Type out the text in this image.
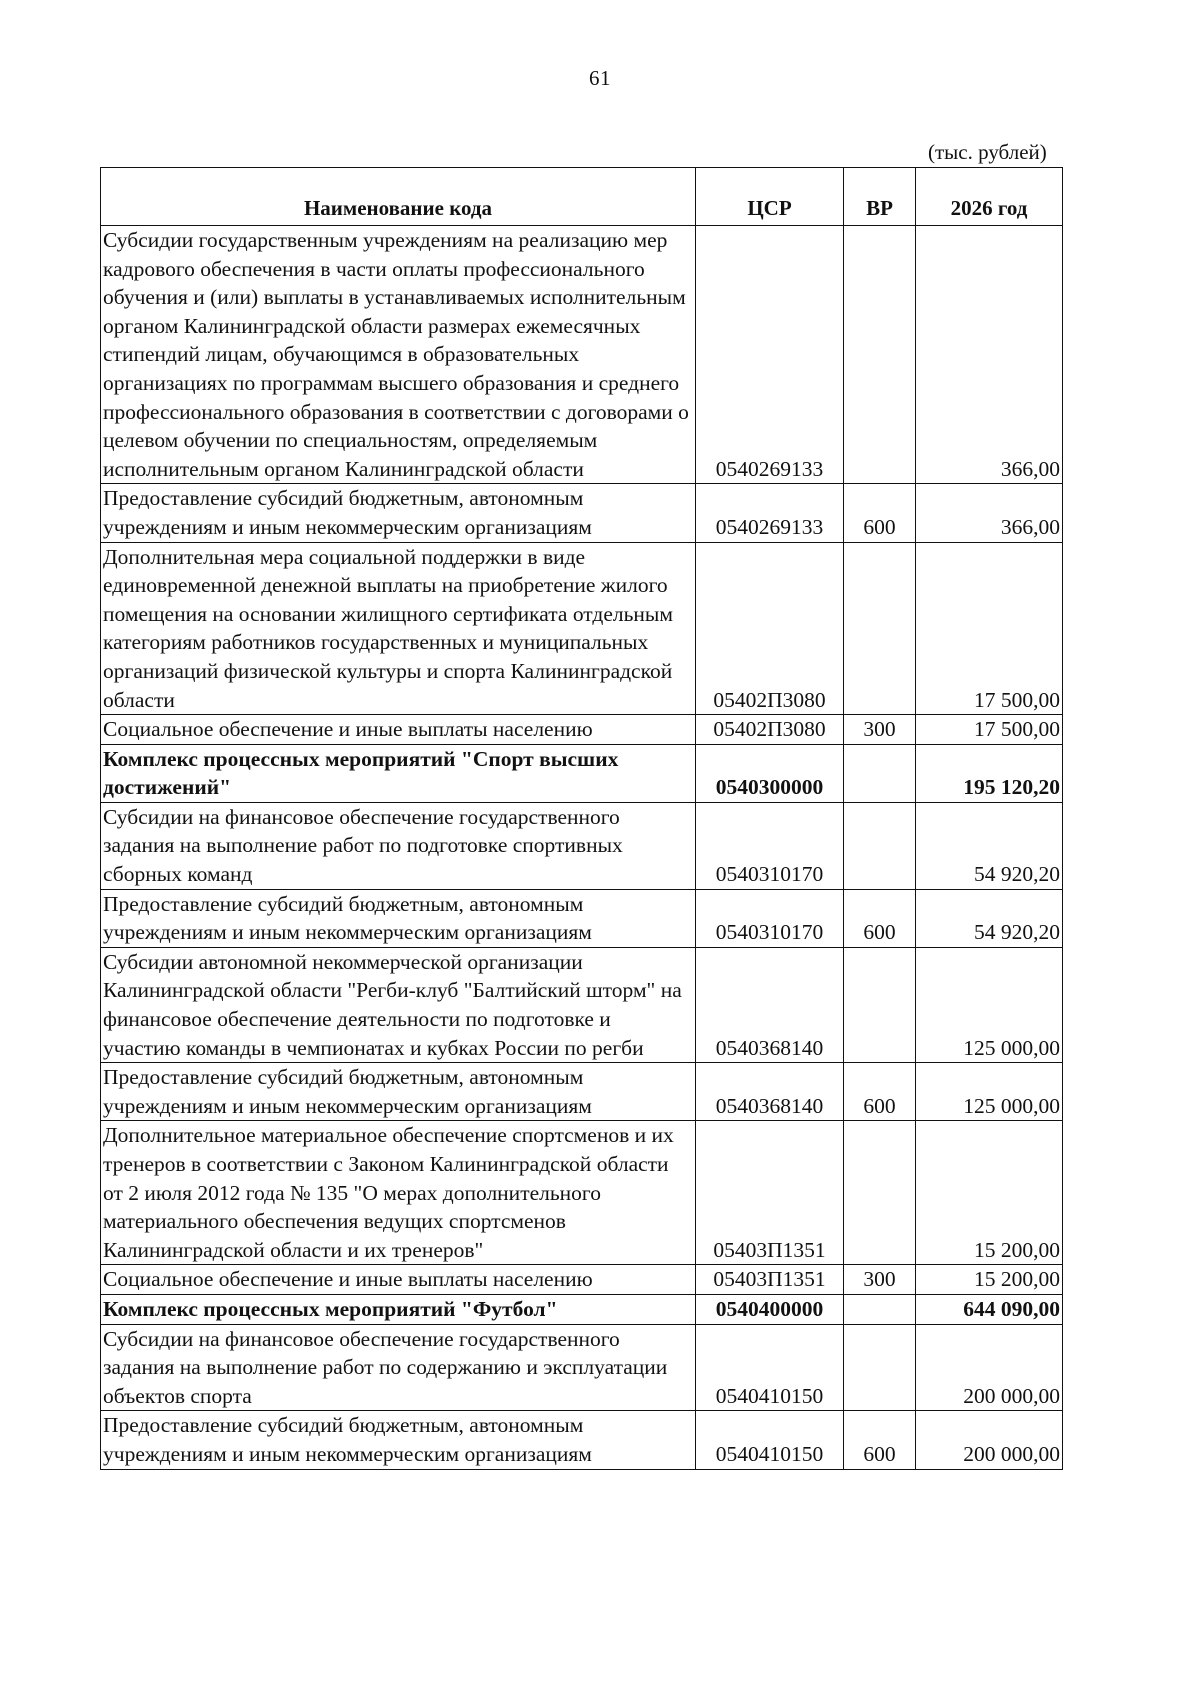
61
(тыс. рублей)
Наименование кода	ЦСР	ВР	2026 год
Субсидии государственным учреждениям на реализацию мер кадрового обеспечения в части оплаты профессионального обучения и (или) выплаты в устанавливаемых исполнительным органом Калининградской области размерах ежемесячных стипендий лицам, обучающимся в образовательных организациях по программам высшего образования и среднего профессионального образования в соответствии с договорами о целевом обучении по специальностям, определяемым исполнительным органом Калининградской области	0540269133		366,00
Предоставление субсидий бюджетным, автономным учреждениям и иным некоммерческим организациям	0540269133	600	366,00
Дополнительная мера социальной поддержки в виде единовременной денежной выплаты на приобретение жилого помещения на основании жилищного сертификата отдельным категориям работников государственных и муниципальных организаций физической культуры и спорта Калининградской области	05402П3080		17 500,00
Социальное обеспечение и иные выплаты населению	05402П3080	300	17 500,00
Комплекс процессных мероприятий "Спорт высших достижений"	0540300000		195 120,20
Субсидии на финансовое обеспечение государственного задания на выполнение работ по подготовке спортивных сборных команд	0540310170		54 920,20
Предоставление субсидий бюджетным, автономным учреждениям и иным некоммерческим организациям	0540310170	600	54 920,20
Субсидии автономной некоммерческой организации Калининградской области "Регби-клуб "Балтийский шторм" на финансовое обеспечение деятельности по подготовке и участию команды в чемпионатах и кубках России по регби	0540368140		125 000,00
Предоставление субсидий бюджетным, автономным учреждениям и иным некоммерческим организациям	0540368140	600	125 000,00
Дополнительное материальное обеспечение спортсменов и их тренеров в соответствии с Законом Калининградской области от 2 июля 2012 года № 135 "О мерах дополнительного материального обеспечения ведущих спортсменов Калининградской области и их тренеров"	05403П1351		15 200,00
Социальное обеспечение и иные выплаты населению	05403П1351	300	15 200,00
Комплекс процессных мероприятий "Футбол"	0540400000		644 090,00
Субсидии на финансовое обеспечение государственного задания на выполнение работ по содержанию и эксплуатации объектов спорта	0540410150		200 000,00
Предоставление субсидий бюджетным, автономным учреждениям и иным некоммерческим организациям	0540410150	600	200 000,00
